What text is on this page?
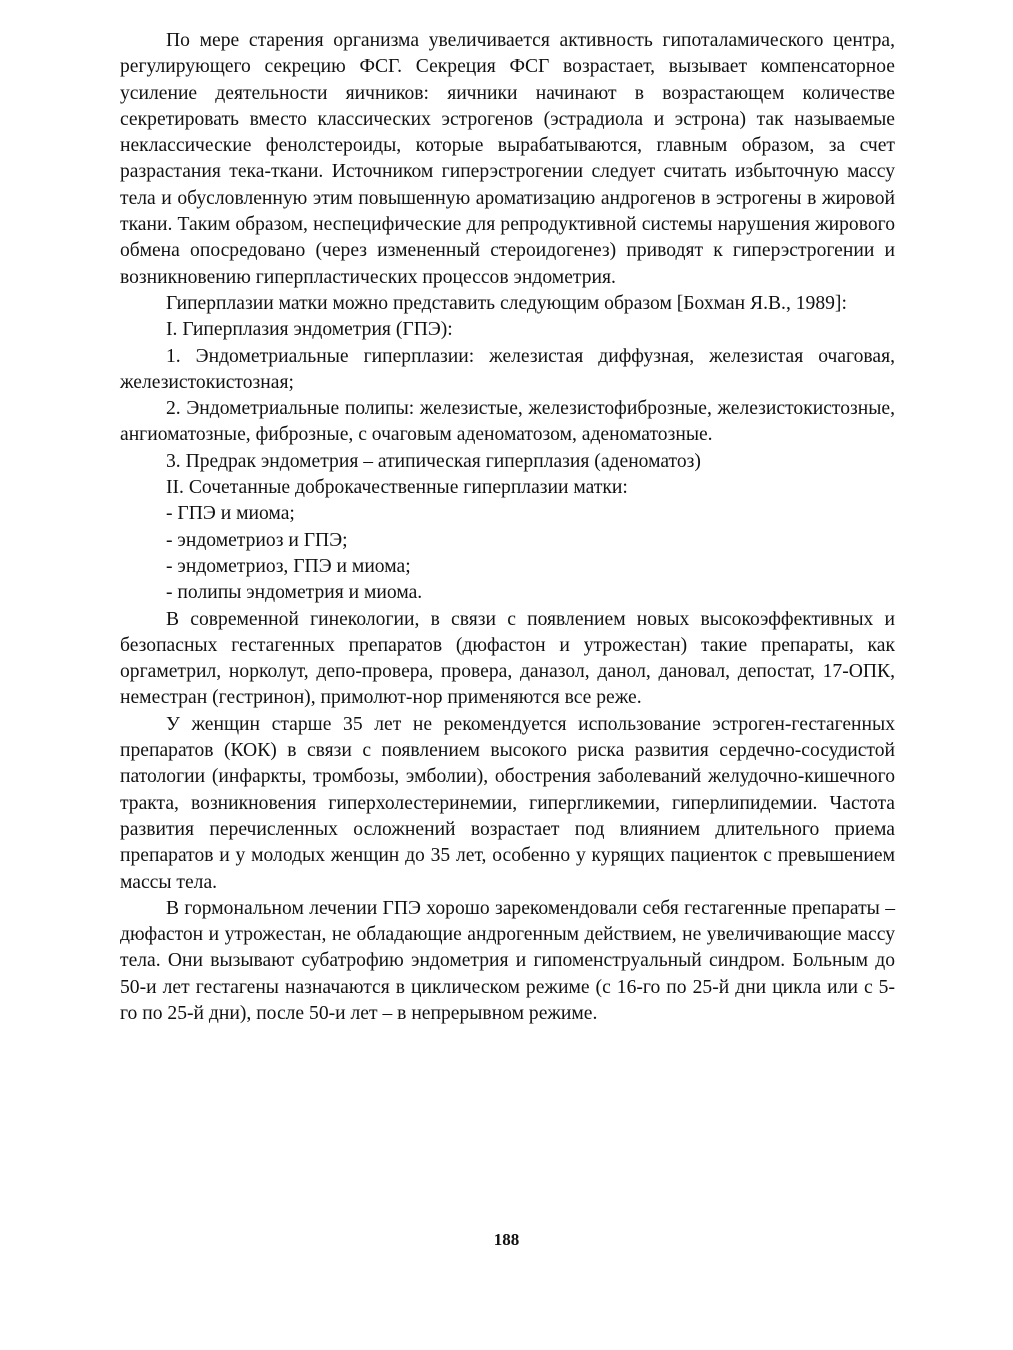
По мере старения организма увеличивается активность гипоталамического центра, регулирующего секрецию ФСГ. Секреция ФСГ возрастает, вызывает компенсаторное усиление деятельности яичников: яичники начинают в возрастающем количестве секретировать вместо классических эстрогенов (эстрадиола и эстрона) так называемые неклассические фенолстероиды, которые вырабатываются, главным образом, за счет разрастания тека-ткани. Источником гиперэстрогении следует считать избыточную массу тела и обусловленную этим повышенную ароматизацию андрогенов в эстрогены в жировой ткани. Таким образом, неспецифические для репродуктивной системы нарушения жирового обмена опосредовано (через измененный стероидогенез) приводят к гиперэстрогении и возникновению гиперпластических процессов эндометрия.

Гиперплазии матки можно представить следующим образом [Бохман Я.В., 1989]:

I. Гиперплазия эндометрия (ГПЭ):

1. Эндометриальные гиперплазии: железистая диффузная, железистая очаговая, железистокистозная;

2. Эндометриальные полипы: железистые, железистофиброзные, железистокистозные, ангиоматозные, фиброзные, с очаговым аденоматозом, аденоматозные.

3. Предрак эндометрия – атипическая гиперплазия (аденоматоз)

II. Сочетанные доброкачественные гиперплазии матки:

- ГПЭ и миома;

- эндометриоз и ГПЭ;

- эндометриоз, ГПЭ и миома;

- полипы эндометрия и миома.

В современной гинекологии, в связи с появлением новых высокоэффективных и безопасных гестагенных препаратов (дюфастон и утрожестан) такие препараты, как оргаметрил, норколут, депо-провера, провера, даназол, данол, дановал, депостат, 17-ОПК, неместран (гестринон), примолют-нор применяются все реже.

У женщин старше 35 лет не рекомендуется использование эстроген-гестагенных препаратов (КОК) в связи с появлением высокого риска развития сердечно-сосудистой патологии (инфаркты, тромбозы, эмболии), обострения заболеваний желудочно-кишечного тракта, возникновения гиперхолестеринемии, гипергликемии, гиперлипидемии. Частота развития перечисленных осложнений возрастает под влиянием длительного приема препаратов и у молодых женщин до 35 лет, особенно у курящих пациенток с превышением массы тела.

В гормональном лечении ГПЭ хорошо зарекомендовали себя гестагенные препараты – дюфастон и утрожестан, не обладающие андрогенным действием, не увеличивающие массу тела. Они вызывают субатрофию эндометрия и гипоменструальный синдром. Больным до 50-и лет гестагены назначаются в циклическом режиме (с 16-го по 25-й дни цикла или с 5-го по 25-й дни), после 50-и лет – в непрерывном режиме.

188
